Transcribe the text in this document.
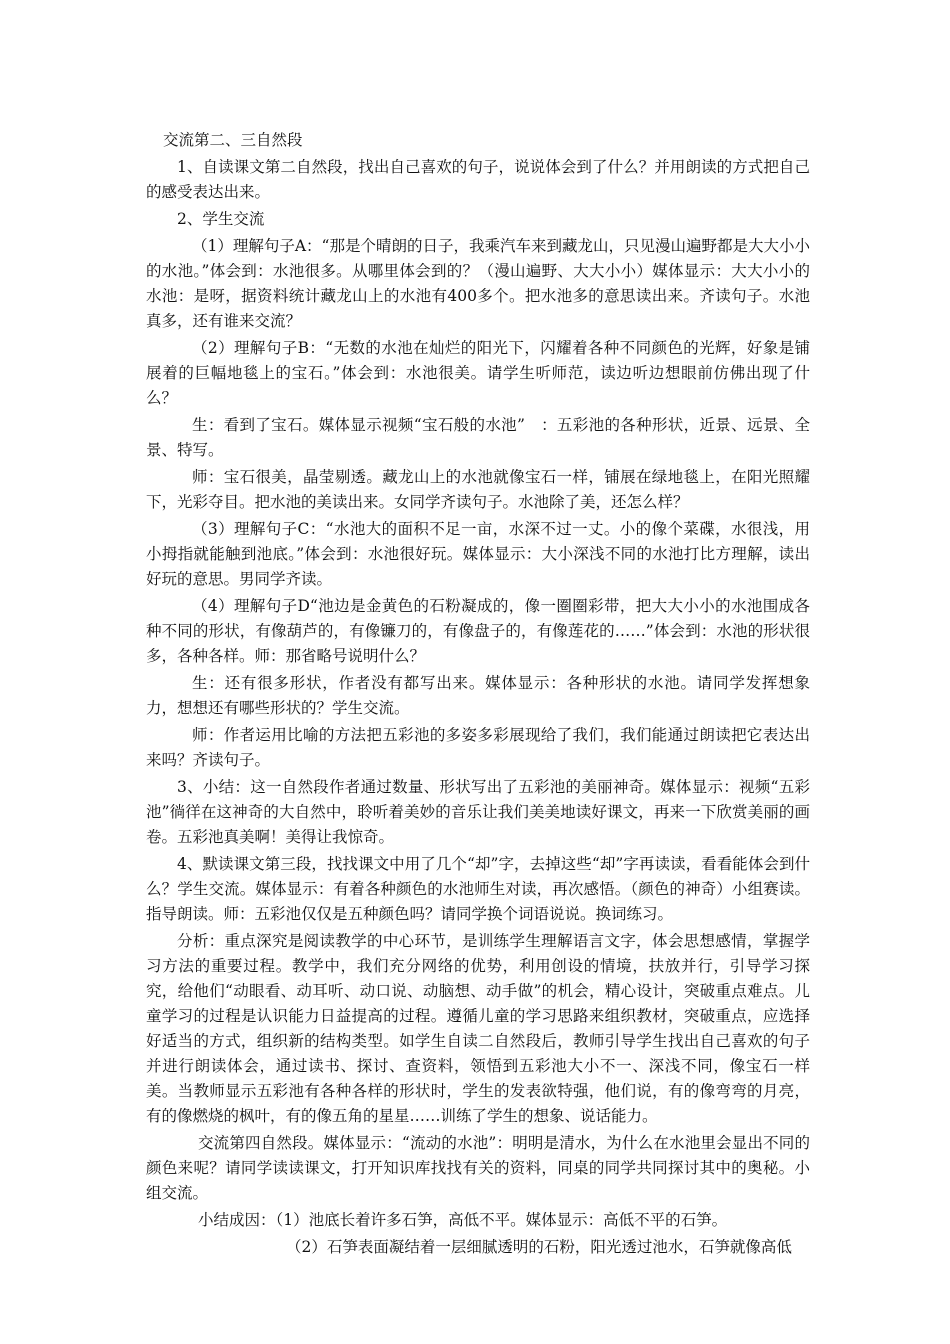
交流第二、三自然段

1、自读课文第二自然段，找出自己喜欢的句子，说说体会到了什么？并用朗读的方式把自己的感受表达出来。

2、学生交流

（1）理解句子A：“那是个晴朗的日子，我乘汽车来到藏龙山，只见漫山遍野都是大大小小的水池。”体会到：水池很多。从哪里体会到的？（漫山遍野、大大小小）媒体显示：大大小小的水池：是呀，据资料统计藏龙山上的水池有400多个。把水池多的意思读出来。齐读句子。水池真多，还有谁来交流？

（2）理解句子B：“无数的水池在灿烂的阳光下，闪耀着各种不同颜色的光辉，好象是铺展着的巨幅地毯上的宝石。”体会到：水池很美。请学生听师范，读边听边想眼前仿佛出现了什么？

生：看到了宝石。媒体显示视频“宝石般的水池”　：五彩池的各种形状，近景、远景、全景、特写。

师：宝石很美，晶莹剔透。藏龙山上的水池就像宝石一样，铺展在绿地毯上，在阳光照耀下，光彩夺目。把水池的美读出来。女同学齐读句子。水池除了美，还怎么样？

（3）理解句子C：“水池大的面积不足一亩，水深不过一丈。小的像个菜碟，水很浅，用小拇指就能触到池底。”体会到：水池很好玩。媒体显示：大小深浅不同的水池打比方理解，读出好玩的意思。男同学齐读。

（4）理解句子D“池边是金黄色的石粉凝成的，像一圈圈彩带，把大大小小的水池围成各种不同的形状，有像葫芦的，有像镰刀的，有像盘子的，有像莲花的……”体会到：水池的形状很多，各种各样。师：那省略号说明什么？

生：还有很多形状，作者没有都写出来。媒体显示：各种形状的水池。请同学发挥想象力，想想还有哪些形状的？学生交流。

师：作者运用比喻的方法把五彩池的多姿多彩展现给了我们，我们能通过朗读把它表达出来吗？齐读句子。

3、小结：这一自然段作者通过数量、形状写出了五彩池的美丽神奇。媒体显示：视频“五彩池”徜徉在这神奇的大自然中，聆听着美妙的音乐让我们美美地读好课文，再来一下欣赏美丽的画卷。五彩池真美啊！美得让我惊奇。

4、默读课文第三段，找找课文中用了几个“却”字，去掉这些“却”字再读读，看看能体会到什么？学生交流。媒体显示：有着各种颜色的水池师生对读，再次感悟。（颜色的神奇）小组赛读。指导朗读。师：五彩池仅仅是五种颜色吗？请同学换个词语说说。换词练习。

分析：重点深究是阅读教学的中心环节，是训练学生理解语言文字，体会思想感情，掌握学习方法的重要过程。教学中，我们充分网络的优势，利用创设的情境，扶放并行，引导学习探究，给他们“动眼看、动耳听、动口说、动脑想、动手做”的机会，精心设计，突破重点难点。儿童学习的过程是认识能力日益提高的过程。遵循儿童的学习思路来组织教材，突破重点，应选择好适当的方式，组织新的结构类型。如学生自读二自然段后，教师引导学生找出自己喜欢的句子并进行朗读体会，通过读书、探讨、查资料，领悟到五彩池大小不一、深浅不同，像宝石一样美。当教师显示五彩池有各种各样的形状时，学生的发表欲特强，他们说，有的像弯弯的月亮，有的像燃烧的枫叶，有的像五角的星星……训练了学生的想象、说话能力。

交流第四自然段。媒体显示：“流动的水池”：明明是清水，为什么在水池里会显出不同的颜色来呢？请同学读读课文，打开知识库找找有关的资料，同桌的同学共同探讨其中的奥秘。小组交流。

小结成因：（1）池底长着许多石笋，高低不平。媒体显示：高低不平的石笋。

（2）石笋表面凝结着一层细腻透明的石粉，阳光透过池水，石笋就像高低
